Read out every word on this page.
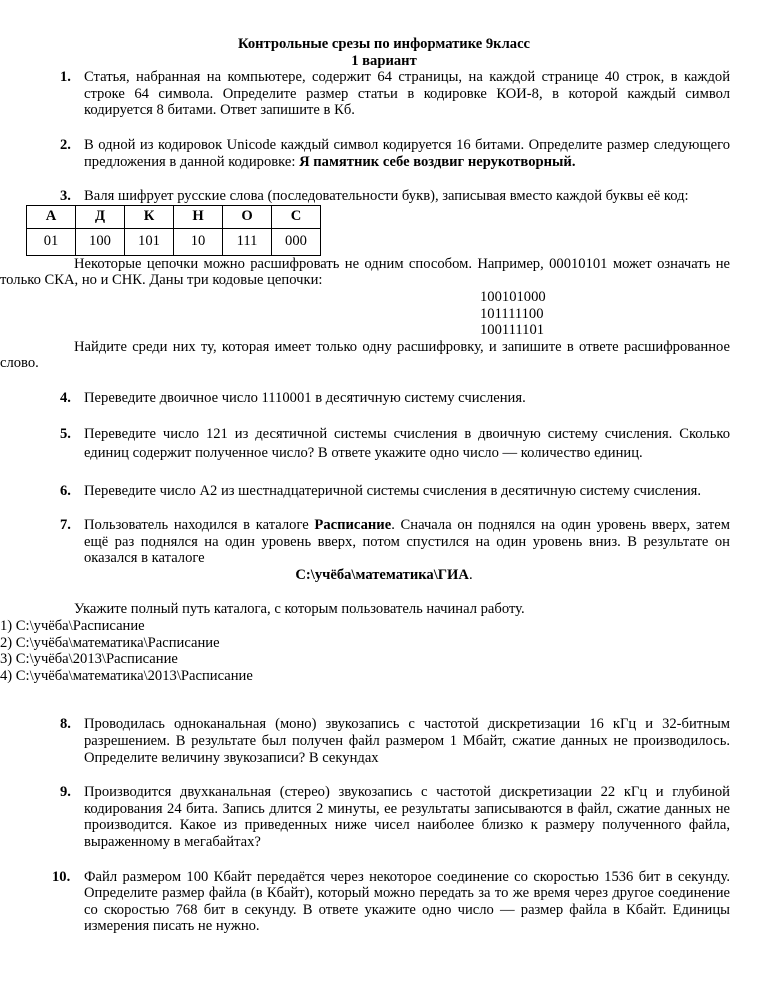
Контрольные срезы по информатике 9класс
1 вариант
1. Статья, набранная на компьютере, содержит 64 страницы, на каждой странице 40 строк, в каждой строке 64 символа. Определите размер статьи в кодировке КОИ-8, в которой каждый символ кодируется 8 битами. Ответ запишите в Кб.
2. В одной из кодировок Unicode каждый символ кодируется 16 битами. Определите размер следующего предложения в данной кодировке: Я памятник себе воздвиг нерукотворный.
3. Валя шифрует русские слова (последовательности букв), записывая вместо каждой буквы её код:
А	Д	К	Н	О	С
01	100	101	10	111	000
Некоторые цепочки можно расшифровать не одним способом. Например, 00010101 может означать не только СКА, но и СНК. Даны три кодовые цепочки:
100101000
101111100
100111101
Найдите среди них ту, которая имеет только одну расшифровку, и запишите в ответе расшифрованное слово.
4. Переведите двоичное число 1110001 в десятичную систему счисления.
5. Переведите число 121 из десятичной системы счисления в двоичную систему счисления. Сколько единиц содержит полученное число? В ответе укажите одно число — количество единиц.
6. Переведите число A2 из шестнадцатеричной системы счисления в десятичную систему счисления.
7. Пользователь находился в каталоге Расписание. Сначала он поднялся на один уровень вверх, затем ещё раз поднялся на один уровень вверх, потом спустился на один уровень вниз. В результате он оказался в каталоге
С:\учёба\математика\ГИА.
Укажите полный путь каталога, с которым пользователь начинал работу.
1) С:\учёба\Расписание
2) С:\учёба\математика\Расписание
3) С:\учёба\2013\Расписание
4) С:\учёба\математика\2013\Расписание
8. Проводилась одноканальная (моно) звукозапись с частотой дискретизации 16 кГц и 32-битным разрешением. В результате был получен файл размером 1 Мбайт, сжатие данных не производилось. Определите величину звукозаписи? В секундах
9. Производится двухканальная (стерео) звукозапись с частотой дискретизации 22 кГц и глубиной кодирования 24 бита. Запись длится 2 минуты, ее результаты записываются в файл, сжатие данных не производится. Какое из приведенных ниже чисел наиболее близко к размеру полученного файла, выраженному в мегабайтах?
10. Файл размером 100 Кбайт передаётся через некоторое соединение со скоростью 1536 бит в секунду. Определите размер файла (в Кбайт), который можно передать за то же время через другое соединение со скоростью 768 бит в секунду. В ответе укажите одно число — размер файла в Кбайт. Единицы измерения писать не нужно.
